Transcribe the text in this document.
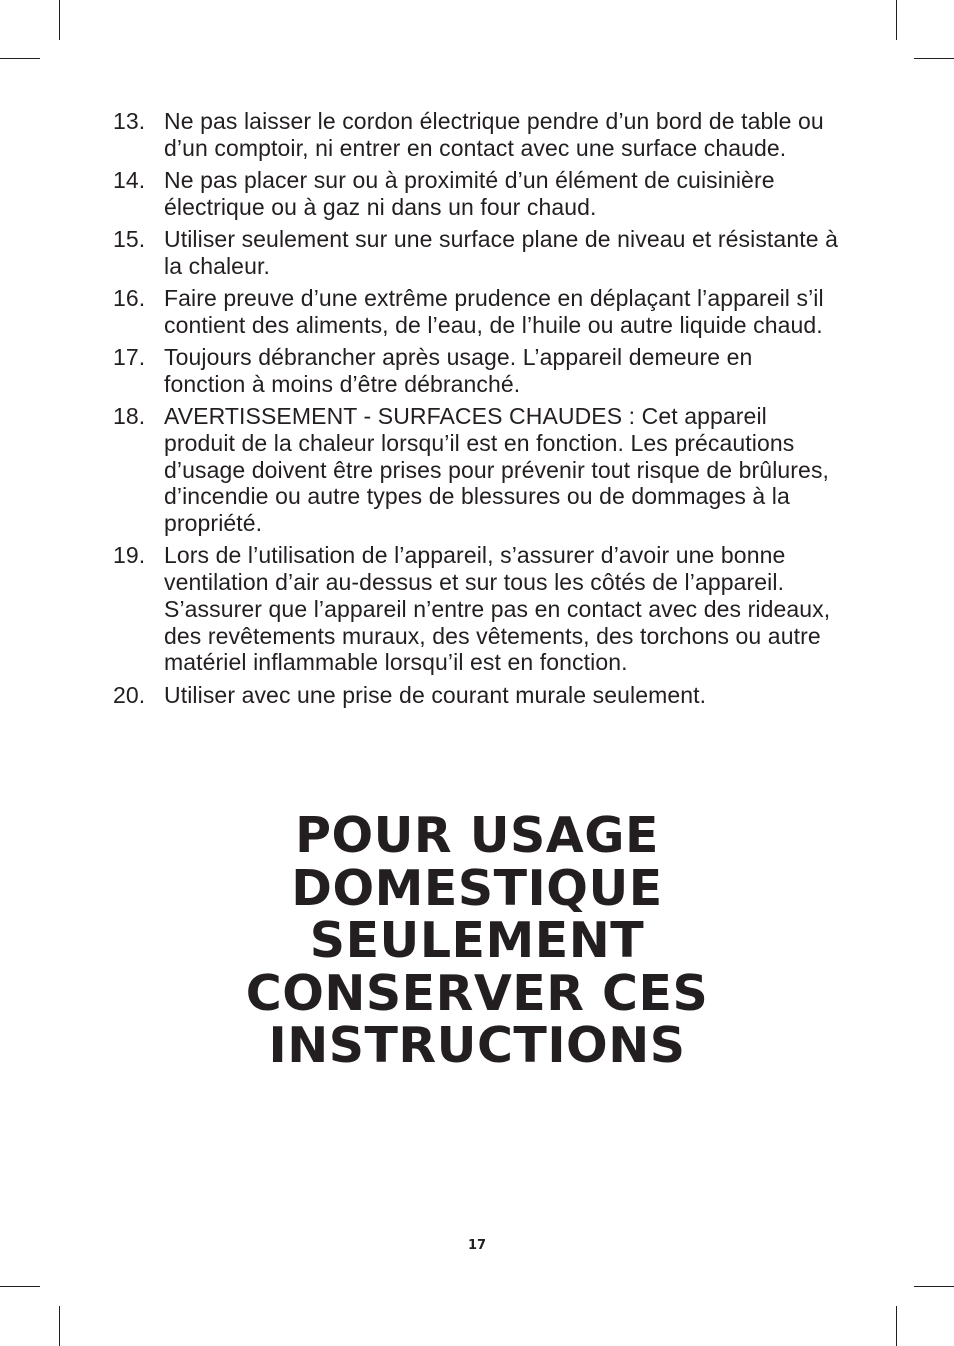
13. Ne pas laisser le cordon électrique pendre d’un bord de table ou d’un comptoir, ni entrer en contact avec une surface chaude.
14. Ne pas placer sur ou à proximité d’un élément de cuisinière électrique ou à gaz ni dans un four chaud.
15. Utiliser seulement sur une surface plane de niveau et résistante à la chaleur.
16. Faire preuve d’une extrême prudence en déplaçant l’appareil s’il contient des aliments, de l’eau, de l’huile ou autre liquide chaud.
17. Toujours débrancher après usage. L’appareil demeure en fonction à moins d’être débranché.
18. AVERTISSEMENT - SURFACES CHAUDES : Cet appareil produit de la chaleur lorsqu’il est en fonction. Les précautions d’usage doivent être prises pour prévenir tout risque de brûlures, d’incendie ou autre types de blessures ou de dommages à la propriété.
19. Lors de l’utilisation de l’appareil, s’assurer d’avoir une bonne ventilation d’air au-dessus et sur tous les côtés de l’appareil. S’assurer que l’appareil n’entre pas en contact avec des rideaux, des revêtements muraux, des vêtements, des torchons ou autre matériel inflammable lorsqu’il est en fonction.
20. Utiliser avec une prise de courant murale seulement.
POUR USAGE
DOMESTIQUE
SEULEMENT
CONSERVER CES
INSTRUCTIONS
17
